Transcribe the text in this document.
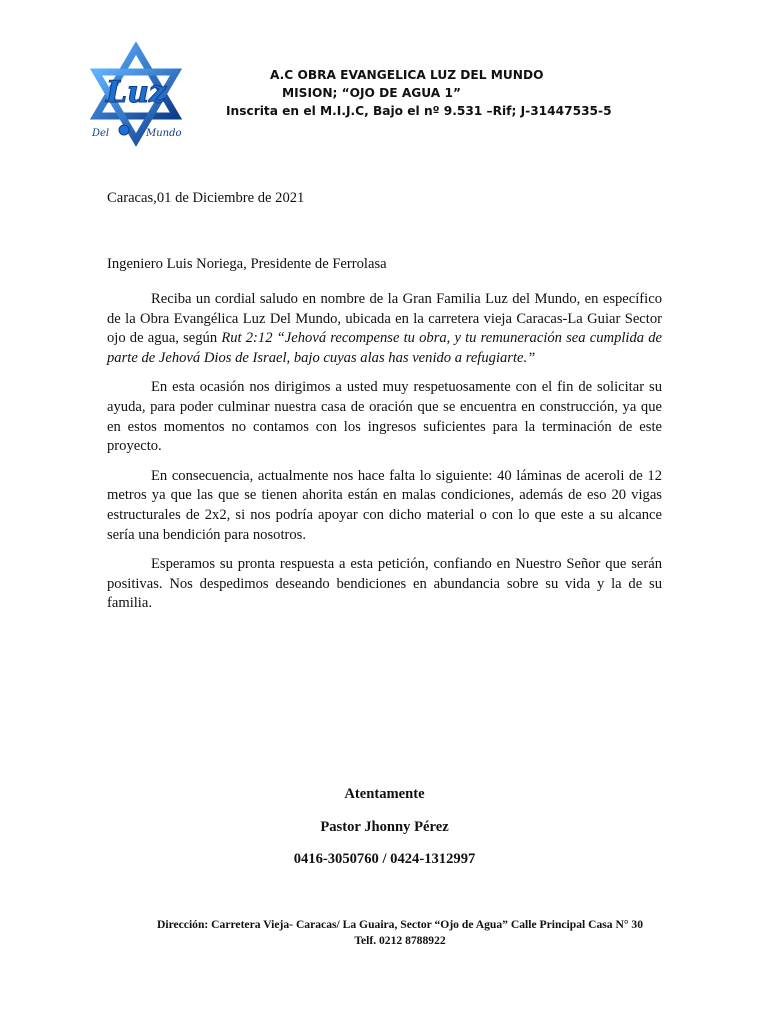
Luz
Del	Mundo
A.C OBRA EVANGELICA LUZ DEL MUNDO
MISION; “OJO DE AGUA 1”
Inscrita en el M.I.J.C, Bajo el nº 9.531 –Rif; J-31447535-5
Caracas,01 de Diciembre de 2021
Ingeniero Luis Noriega, Presidente de Ferrolasa

Reciba un cordial saludo en nombre de la Gran Familia Luz del Mundo, en específico de la Obra Evangélica Luz Del Mundo, ubicada en la carretera vieja Caracas-La Guiar Sector ojo de agua, según Rut 2:12 “Jehová recompense tu obra, y tu remuneración sea cumplida de parte de Jehová Dios de Israel, bajo cuyas alas has venido a refugiarte.”

En esta ocasión nos dirigimos a usted muy respetuosamente con el fin de solicitar su ayuda, para poder culminar nuestra casa de oración que se encuentra en construcción, ya que en estos momentos no contamos con los ingresos suficientes para la terminación de este proyecto.

En consecuencia, actualmente nos hace falta lo siguiente: 40 láminas de aceroli de 12 metros ya que las que se tienen ahorita están en malas condiciones, además de eso 20 vigas estructurales de 2x2, si nos podría apoyar con dicho material o con lo que este a su alcance sería una bendición para nosotros.

Esperamos su pronta respuesta a esta petición, confiando en Nuestro Señor que serán positivas. Nos despedimos deseando bendiciones en abundancia sobre su vida y la de su familia.

Atentamente
Pastor Jhonny Pérez
0416-3050760 / 0424-1312997
Dirección: Carretera Vieja- Caracas/ La Guaira, Sector “Ojo de Agua” Calle Principal Casa N° 30
Telf. 0212 8788922
